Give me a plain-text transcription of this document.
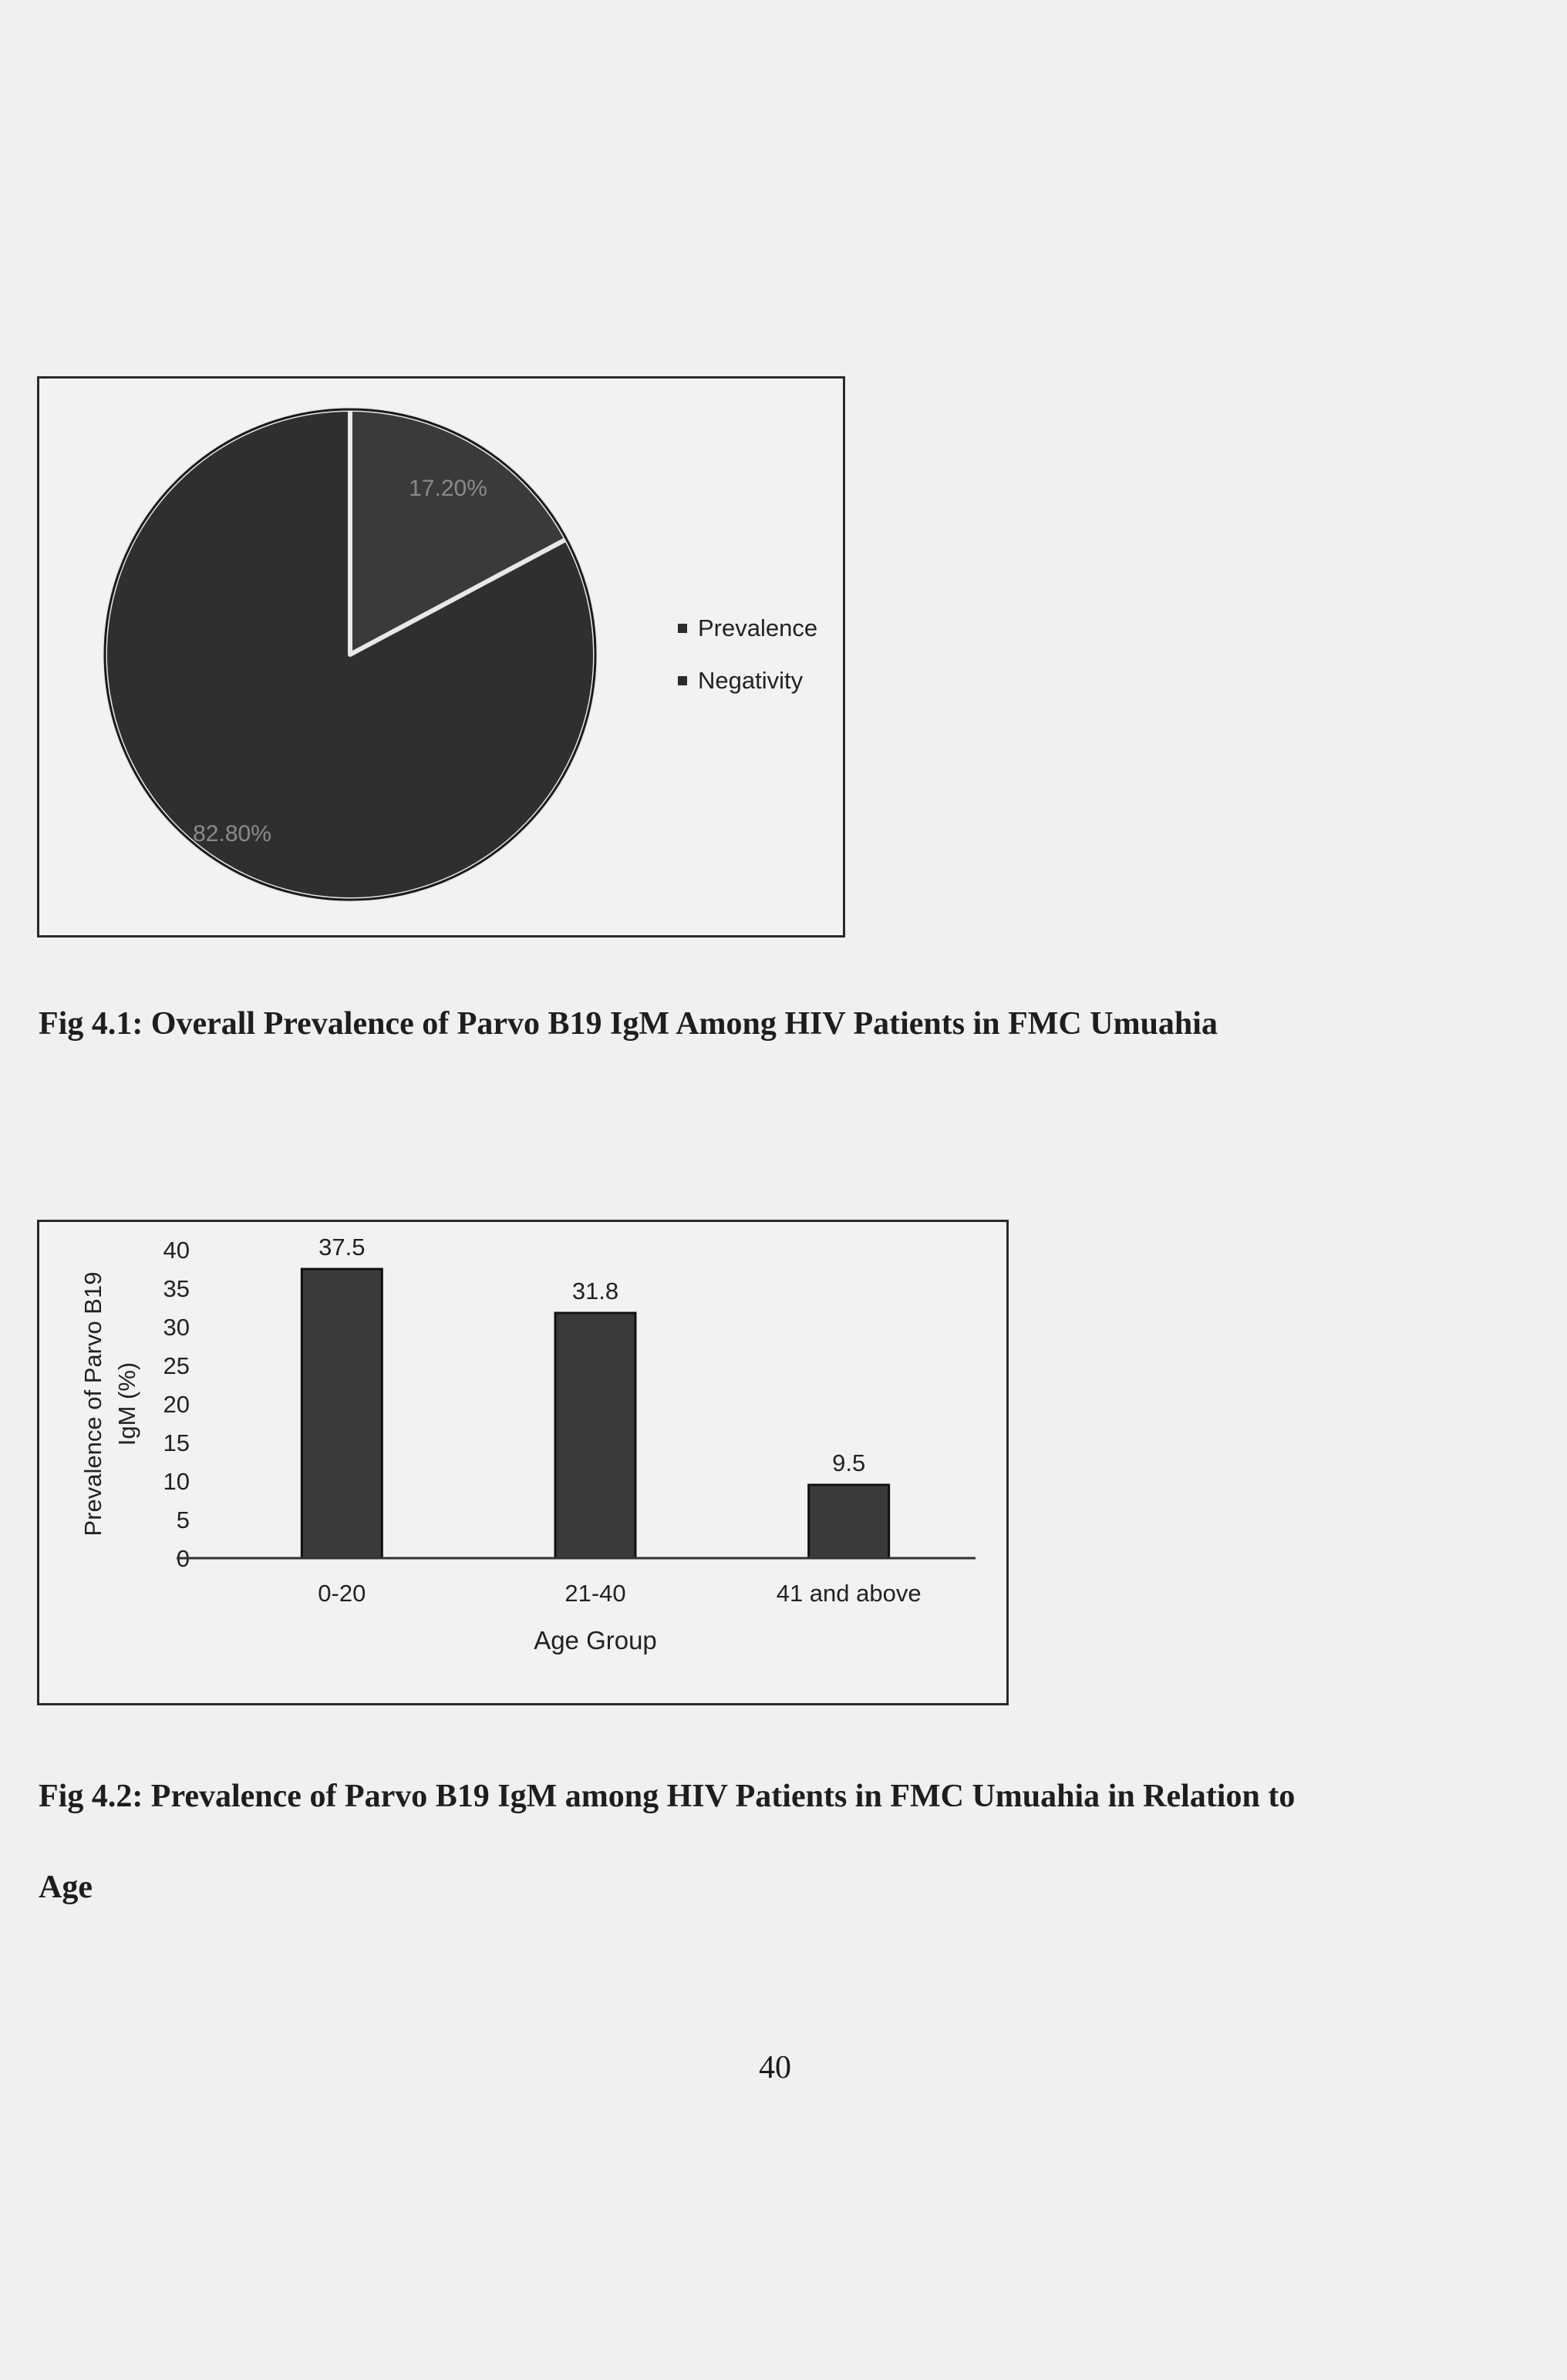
17.20%
82.80%
Prevalence
Negativity
Fig 4.1: Overall Prevalence of Parvo B19 IgM Among HIV Patients in FMC Umuahia
0
5
10
15
20
25
30
35
40
Prevalence of Parvo B19 IgM (%)
37.5
0-20
31.8
21-40
9.5
41 and above
Age Group
Fig 4.2: Prevalence of Parvo B19 IgM among HIV Patients in FMC Umuahia in Relation to
Age
40
